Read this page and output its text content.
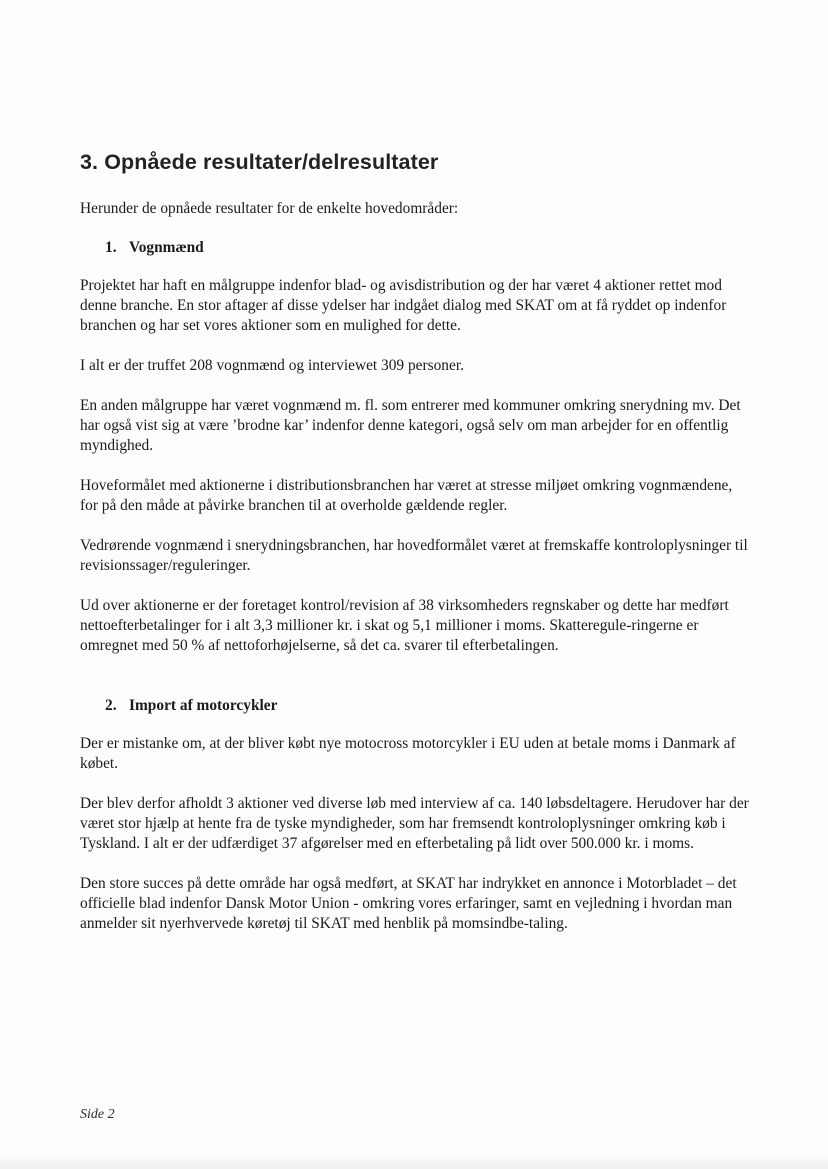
3. Opnåede resultater/delresultater

Herunder de opnåede resultater for de enkelte hovedområder:

1. Vognmænd

Projektet har haft en målgruppe indenfor blad- og avisdistribution og der har været 4 aktioner rettet mod denne branche. En stor aftager af disse ydelser har indgået dialog med SKAT om at få ryddet op indenfor branchen og har set vores aktioner som en mulighed for dette.

I alt er der truffet 208 vognmænd og interviewet 309 personer.

En anden målgruppe har været vognmænd m. fl. som entrerer med kommuner omkring snerydning mv. Det har også vist sig at være ’brodne kar’ indenfor denne kategori, også selv om man arbejder for en offentlig myndighed.

Hoveformålet med aktionerne i distributionsbranchen har været at stresse miljøet omkring vognmændene, for på den måde at påvirke branchen til at overholde gældende regler.

Vedrørende vognmænd i snerydningsbranchen, har hovedformålet været at fremskaffe kontroloplysninger til revisionssager/reguleringer.

Ud over aktionerne er der foretaget kontrol/revision af 38 virksomheders regnskaber og dette har medført nettoefterbetalinger for i alt 3,3 millioner kr. i skat og 5,1 millioner i moms. Skatteregule-ringerne er omregnet med 50 % af nettoforhøjelserne, så det ca. svarer til efterbetalingen.

2. Import af motorcykler

Der er mistanke om, at der bliver købt nye motocross motorcykler i EU uden at betale moms i Danmark af købet.

Der blev derfor afholdt 3 aktioner ved diverse løb med interview af ca. 140 løbsdeltagere. Herudover har der været stor hjælp at hente fra de tyske myndigheder, som har fremsendt kontroloplysninger omkring køb i Tyskland. I alt er der udfærdiget 37 afgørelser med en efterbetaling på lidt over 500.000 kr. i moms.

Den store succes på dette område har også medført, at SKAT har indrykket en annonce i Motorbladet – det officielle blad indenfor Dansk Motor Union - omkring vores erfaringer, samt en vejledning i hvordan man anmelder sit nyerhvervede køretøj til SKAT med henblik på momsindbe-taling.

Side 2
